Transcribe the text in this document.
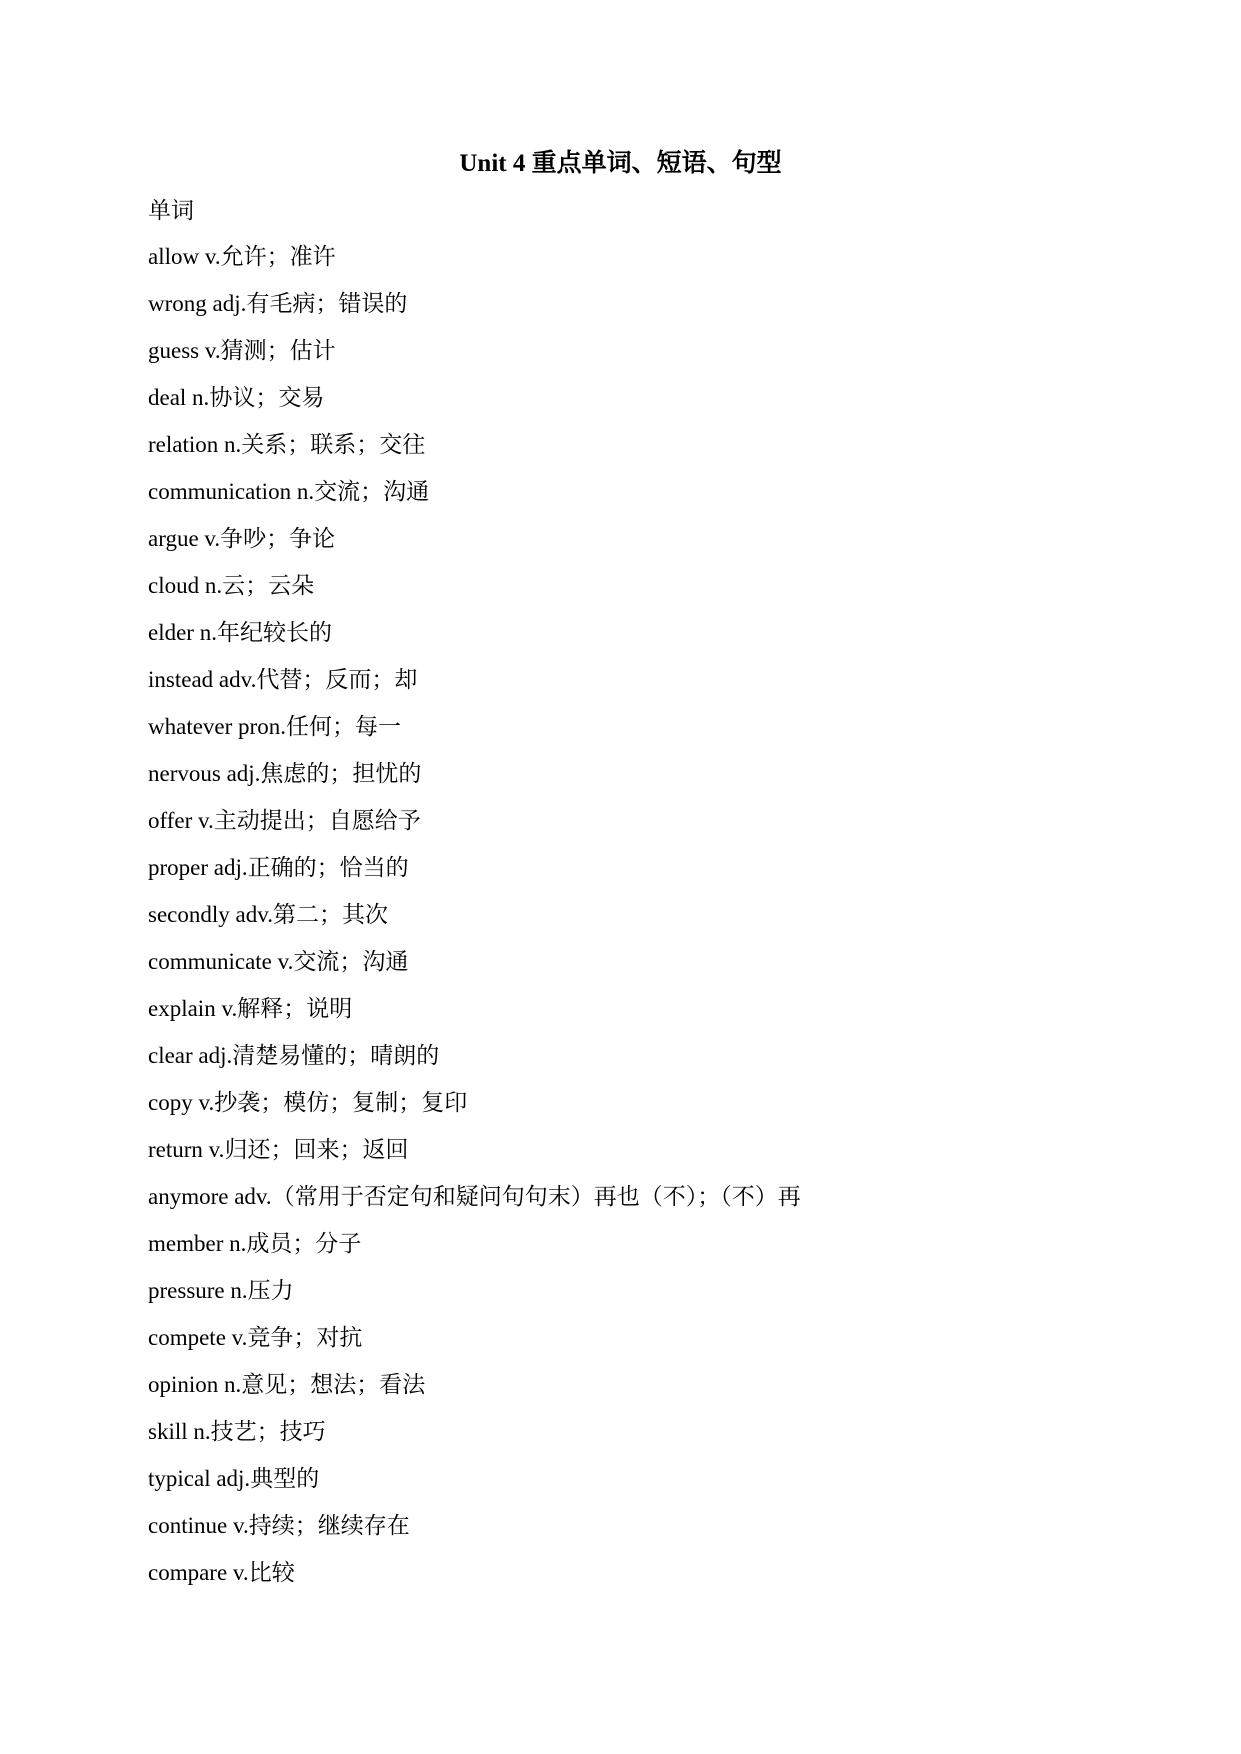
Unit 4 重点单词、短语、句型
单词
allow v.允许；准许
wrong adj.有毛病；错误的
guess v.猜测；估计
deal n.协议；交易
relation n.关系；联系；交往
communication n.交流；沟通
argue v.争吵；争论
cloud n.云；云朵
elder n.年纪较长的
instead adv.代替；反而；却
whatever pron.任何；每一
nervous adj.焦虑的；担忧的
offer v.主动提出；自愿给予
proper adj.正确的；恰当的
secondly adv.第二；其次
communicate v.交流；沟通
explain v.解释；说明
clear adj.清楚易懂的；晴朗的
copy v.抄袭；模仿；复制；复印
return v.归还；回来；返回
anymore adv.（常用于否定句和疑问句句末）再也（不）；（不）再
member n.成员；分子
pressure n.压力
compete v.竞争；对抗
opinion n.意见；想法；看法
skill n.技艺；技巧
typical adj.典型的
continue v.持续；继续存在
compare v.比较
